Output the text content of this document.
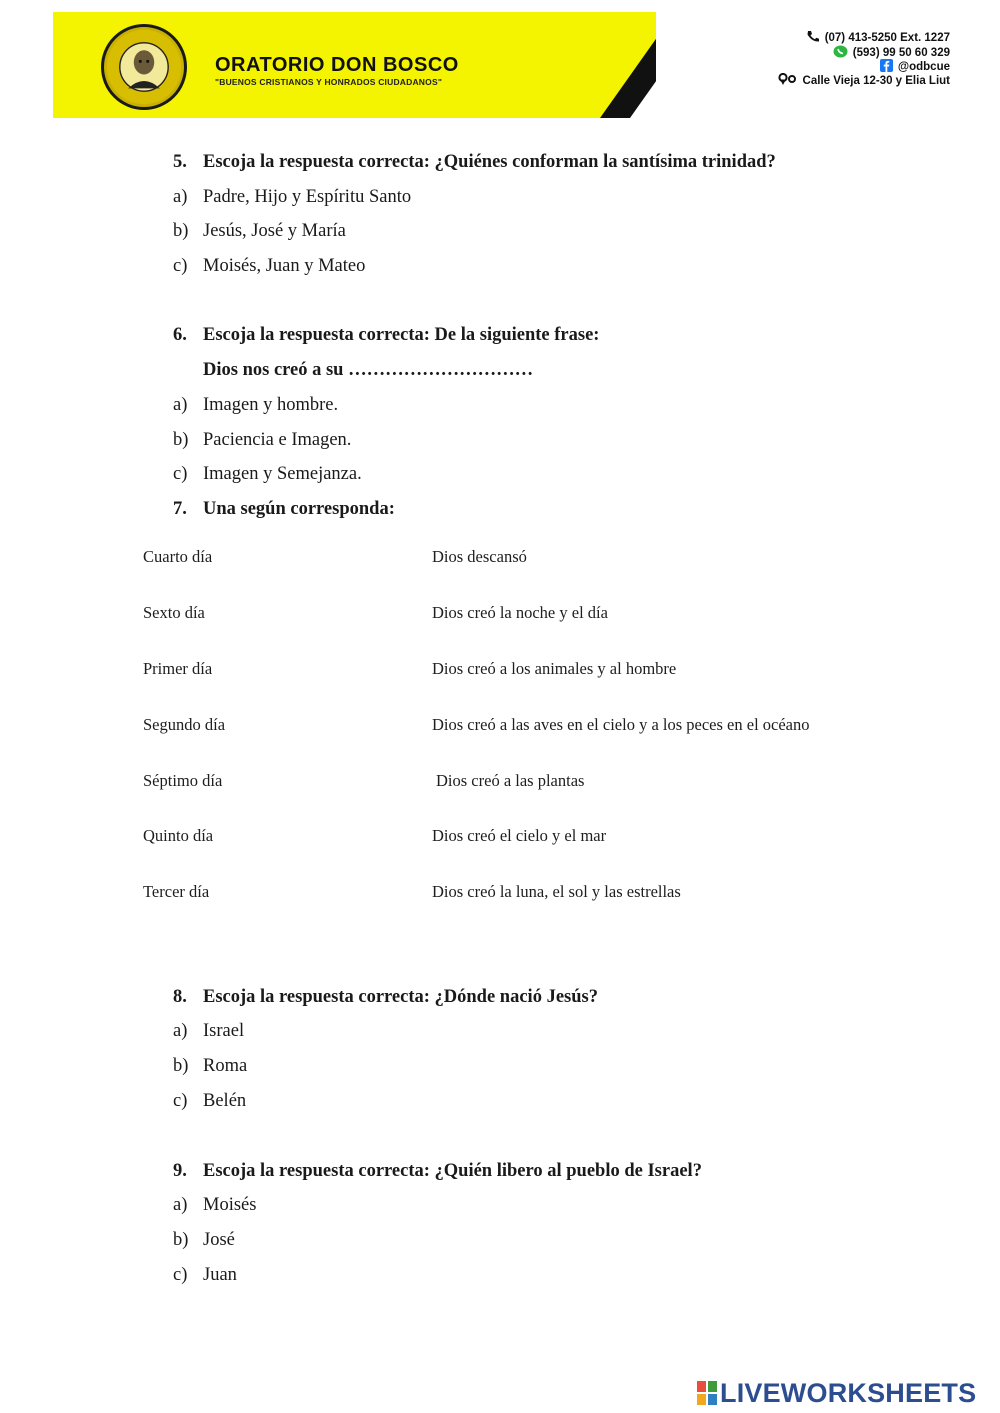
ORATORIO DON BOSCO
"BUENOS CRISTIANOS Y HONRADOS CIUDADANOS"
(07) 413-5250 Ext. 1227
(593) 99 50 60 329
@odbcue
Calle Vieja 12-30 y Elia Liut
5. Escoja la respuesta correcta: ¿Quiénes conforman la santísima trinidad?
a) Padre, Hijo y Espíritu Santo
b) Jesús, José y María
c) Moisés, Juan y Mateo
6. Escoja la respuesta correcta: De la siguiente frase:
Dios nos creó a su …………………………
a) Imagen y hombre.
b) Paciencia e Imagen.
c) Imagen y Semejanza.
7. Una según corresponda:
Cuarto día	Dios descansó
Sexto día	Dios creó la noche y el día
Primer día	Dios creó a los animales y al hombre
Segundo día	Dios creó a las aves en el cielo y a los peces en el océano
Séptimo día	Dios creó a las plantas
Quinto día	Dios creó el cielo y el mar
Tercer día	Dios creó la luna, el sol y las estrellas
8. Escoja la respuesta correcta: ¿Dónde nació Jesús?
a) Israel
b) Roma
c) Belén
9. Escoja la respuesta correcta: ¿Quién libero al pueblo de Israel?
a) Moisés
b) José
c) Juan
LIVEWORKSHEETS
